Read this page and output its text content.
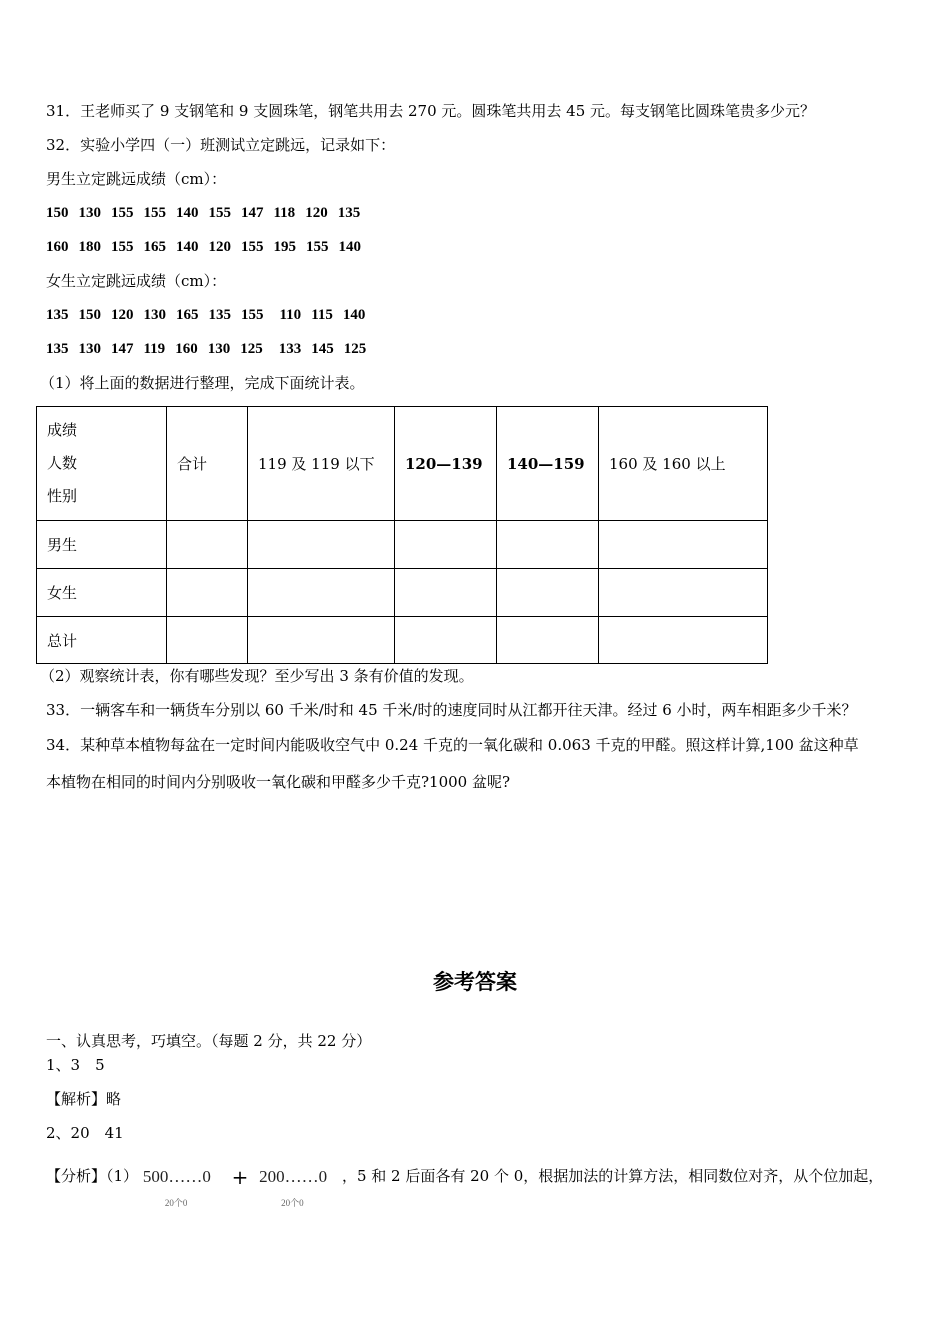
31．王老师买了 9 支钢笔和 9 支圆珠笔，钢笔共用去 270 元。圆珠笔共用去 45 元。每支钢笔比圆珠笔贵多少元？
32．实验小学四（一）班测试立定跳远，记录如下：
男生立定跳远成绩（cm）：
150 130 155 155 140 155 147 118 120 135
160 180 155 165 140 120 155 195 155 140
女生立定跳远成绩（cm）：
135 150 120 130 165 135 155 110 115 140
135 130 147 119 160 130 125 133 145 125
（1）将上面的数据进行整理，完成下面统计表。
成绩
人数
性别	合计	119 及 119 以下	120—139	140—159	160 及 160 以上
男生					
女生					
总计					
（2）观察统计表，你有哪些发现？至少写出 3 条有价值的发现。
33．一辆客车和一辆货车分别以 60 千米/时和 45 千米/时的速度同时从江都开往天津。经过 6 小时，两车相距多少千米？
34．某种草本植物每盆在一定时间内能吸收空气中 0.24 千克的一氧化碳和 0.063 千克的甲醛。照这样计算,100 盆这种草
本植物在相同的时间内分别吸收一氧化碳和甲醛多少千克?1000 盆呢?
参考答案
一、认真思考，巧填空。（每题 2 分，共 22 分）
1、3　5
【解析】略
2、20　41
【分析】（1） 500……0
20个0
+ 200……0
20个0
，5 和 2 后面各有 20 个 0，根据加法的计算方法，相同数位对齐，从个位加起，
